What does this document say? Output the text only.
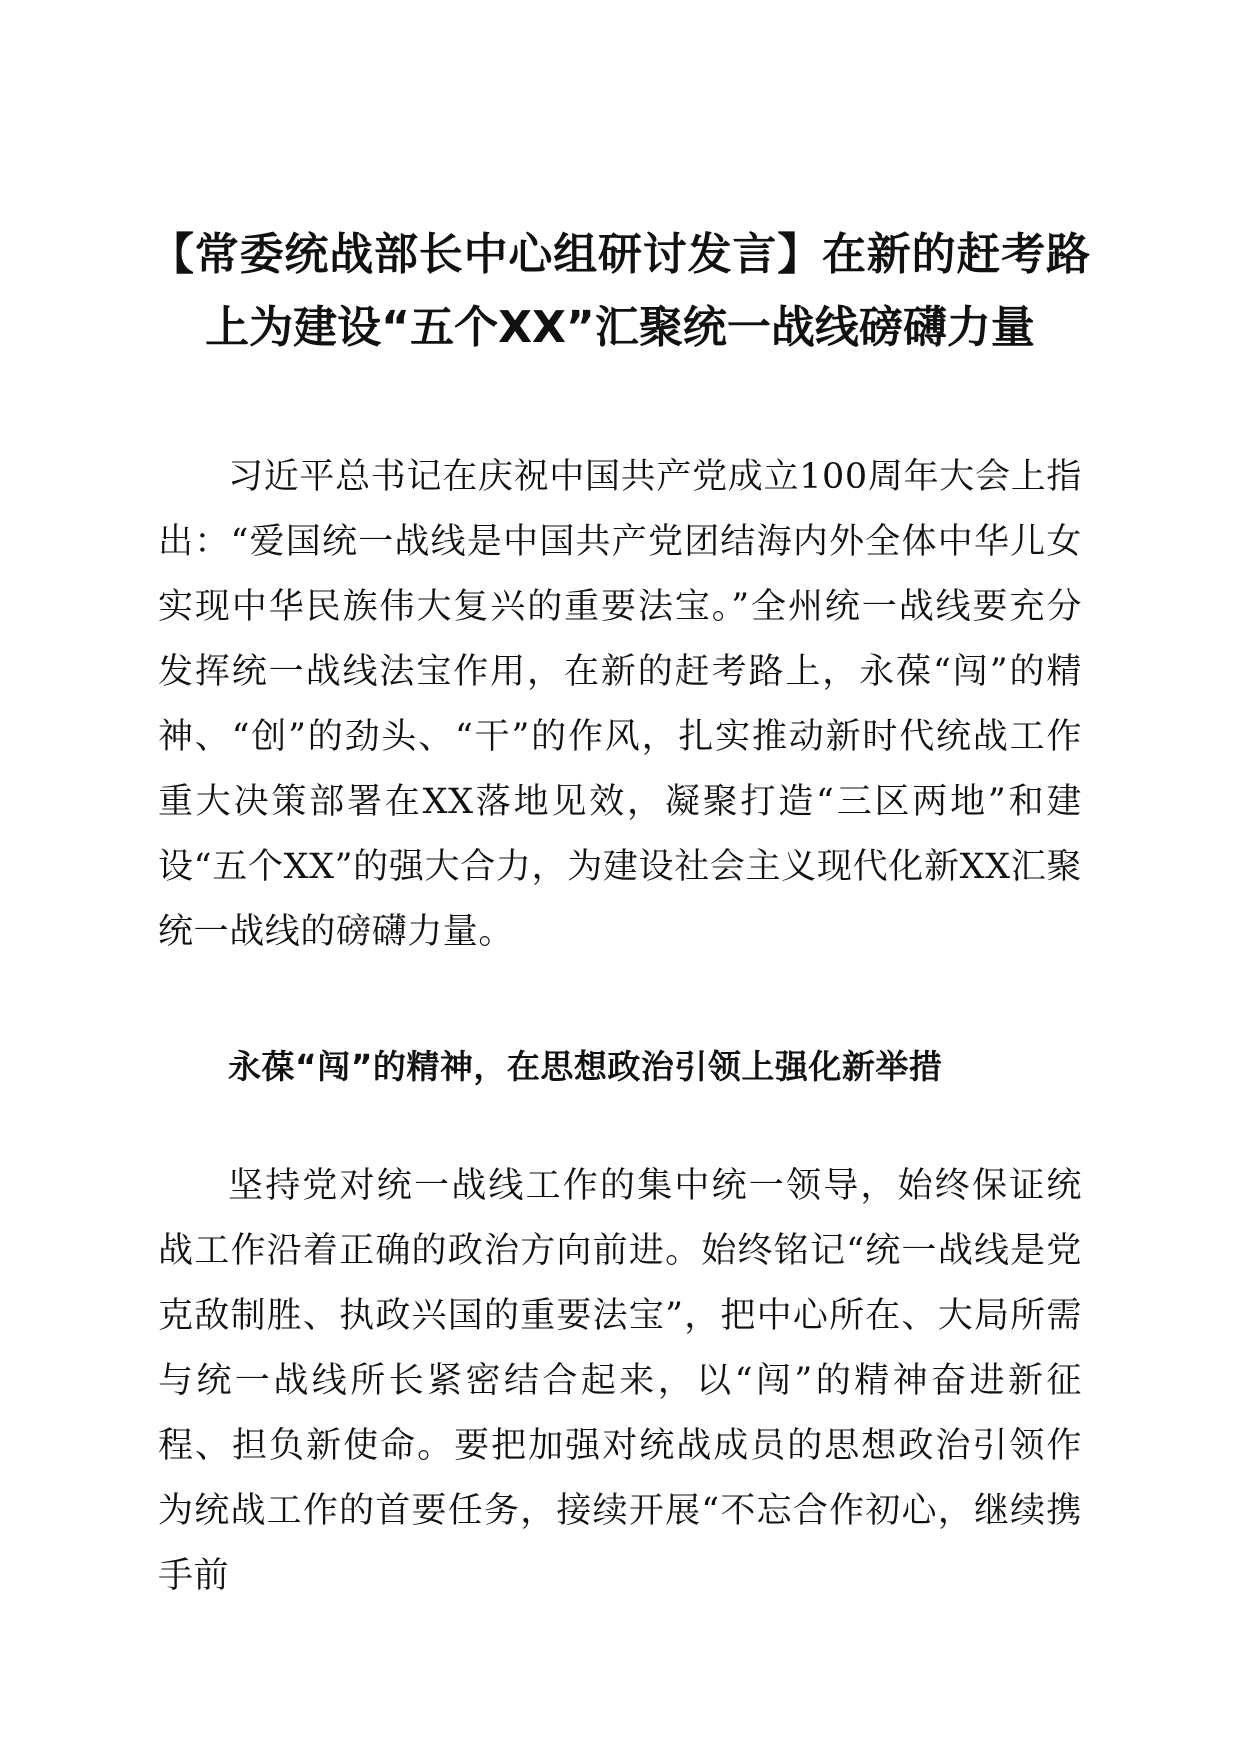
【常委统战部长中心组研讨发言】在新的赶考路上为建设“五个XX”汇聚统一战线磅礴力量

习近平总书记在庆祝中国共产党成立100周年大会上指出：“爱国统一战线是中国共产党团结海内外全体中华儿女实现中华民族伟大复兴的重要法宝。”全州统一战线要充分发挥统一战线法宝作用，在新的赶考路上，永葆“闯”的精神、“创”的劲头、“干”的作风，扎实推动新时代统战工作重大决策部署在XX落地见效，凝聚打造“三区两地”和建设“五个XX”的强大合力，为建设社会主义现代化新XX汇聚统一战线的磅礴力量。

永葆“闯”的精神，在思想政治引领上强化新举措

坚持党对统一战线工作的集中统一领导，始终保证统战工作沿着正确的政治方向前进。始终铭记“统一战线是党克敌制胜、执政兴国的重要法宝”，把中心所在、大局所需与统一战线所长紧密结合起来，以“闯”的精神奋进新征程、担负新使命。要把加强对统战成员的思想政治引领作为统战工作的首要任务，接续开展“不忘合作初心，继续携手前
